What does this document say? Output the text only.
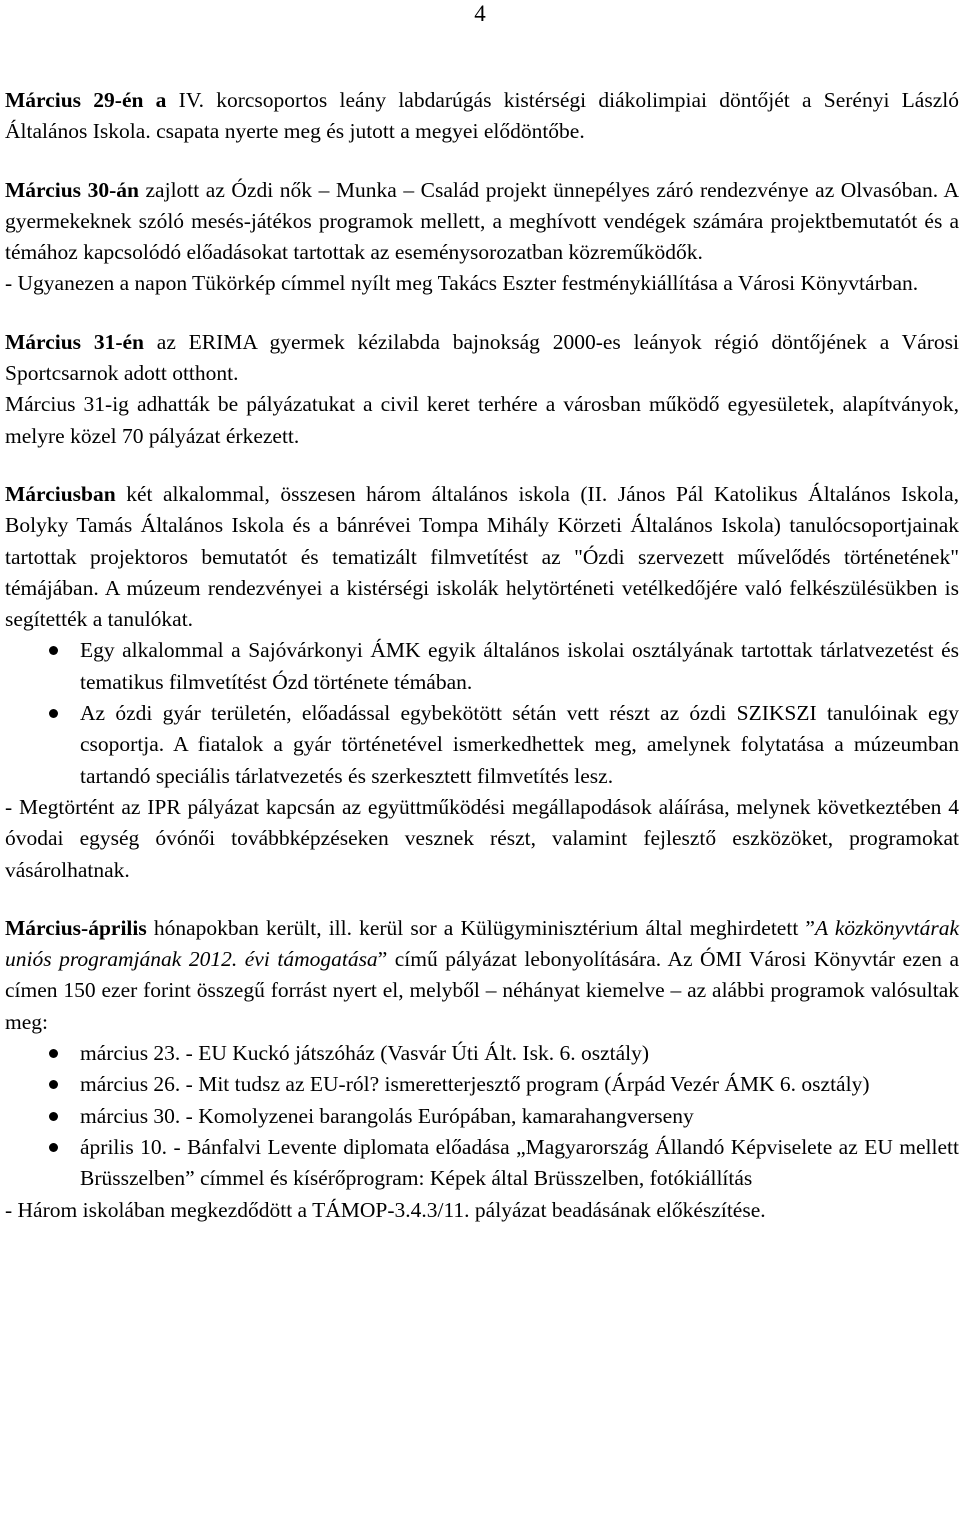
4

Március 29-én a IV. korcsoportos leány labdarúgás kistérségi diákolimpiai döntőjét a Serényi László Általános Iskola. csapata nyerte meg és jutott a megyei elődöntőbe.

Március 30-án zajlott az Ózdi nők – Munka – Család projekt ünnepélyes záró rendezvénye az Olvasóban. A gyermekeknek szóló mesés-játékos programok mellett, a meghívott vendégek számára projektbemutatót és a témához kapcsolódó előadásokat tartottak az eseménysorozatban közreműködők.

- Ugyanezen a napon Tükörkép címmel nyílt meg Takács Eszter festménykiállítása a Városi Könyvtárban.

Március 31-én az ERIMA gyermek kézilabda bajnokság 2000-es leányok régió döntőjének a Városi Sportcsarnok adott otthont.

Március 31-ig adhatták be pályázatukat a civil keret terhére a városban működő egyesületek, alapítványok, melyre közel 70 pályázat érkezett.

Márciusban két alkalommal, összesen három általános iskola (II. János Pál Katolikus Általános Iskola, Bolyky Tamás Általános Iskola és a bánrévei Tompa Mihály Körzeti Általános Iskola) tanulócsoportjainak tartottak projektoros bemutatót és tematizált filmvetítést az "Ózdi szervezett művelődés történetének" témájában. A múzeum rendezvényei a kistérségi iskolák helytörténeti vetélkedőjére való felkészülésükben is segítették a tanulókat.

Egy alkalommal a Sajóvárkonyi ÁMK egyik általános iskolai osztályának tartottak tárlatvezetést és tematikus filmvetítést Ózd története témában.
Az ózdi gyár területén, előadással egybekötött sétán vett részt az ózdi SZIKSZI tanulóinak egy csoportja. A fiatalok a gyár történetével ismerkedhettek meg, amelynek folytatása a múzeumban tartandó speciális tárlatvezetés és szerkesztett filmvetítés lesz.

- Megtörtént az IPR pályázat kapcsán az együttműködési megállapodások aláírása, melynek következtében 4 óvodai egység óvónői továbbképzéseken vesznek részt, valamint fejlesztő eszközöket, programokat vásárolhatnak.

Március-április hónapokban került, ill. kerül sor a Külügyminisztérium által meghirdetett ”A közkönyvtárak uniós programjának 2012. évi támogatása” című pályázat lebonyolítására. Az ÓMI Városi Könyvtár ezen a címen 150 ezer forint összegű forrást nyert el, melyből – néhányat kiemelve – az alábbi programok valósultak meg:

március 23. - EU Kuckó játszóház (Vasvár Úti Ált. Isk. 6. osztály)
március 26. - Mit tudsz az EU-ról? ismeretterjesztő program (Árpád Vezér ÁMK 6. osztály)
március 30. - Komolyzenei barangolás Európában, kamarahangverseny
április 10. - Bánfalvi Levente diplomata előadása „Magyarország Állandó Képviselete az EU mellett Brüsszelben” címmel és kísérőprogram: Képek által Brüsszelben, fotókiállítás

- Három iskolában megkezdődött a TÁMOP-3.4.3/11. pályázat beadásának előkészítése.
